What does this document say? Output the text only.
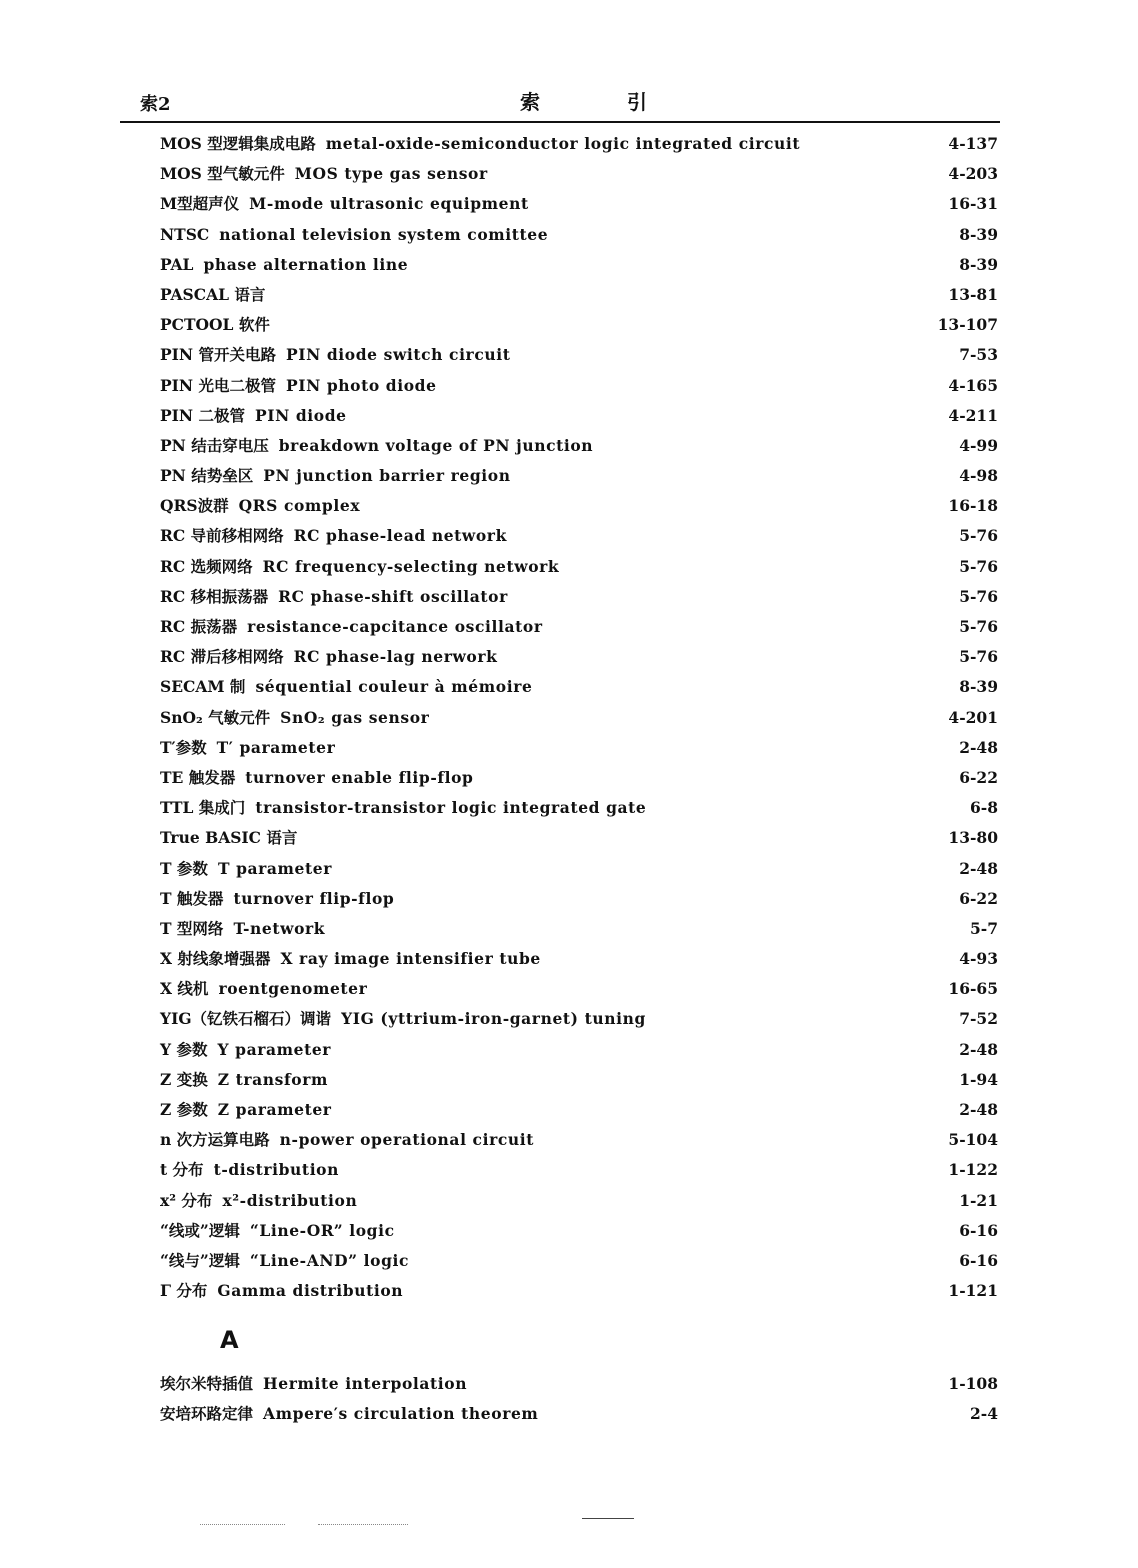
索2	索 引
MOS 型逻辑集成电路 metal-oxide-semiconductor logic integrated circuit	4-137
MOS 型气敏元件 MOS type gas sensor	4-203
M型超声仪 M-mode ultrasonic equipment	16-31
NTSC national television system comittee	8-39
PAL phase alternation line	8-39
PASCAL 语言	13-81
PCTOOL 软件	13-107
PIN 管开关电路 PIN diode switch circuit	7-53
PIN 光电二极管 PIN photo diode	4-165
PIN 二极管 PIN diode	4-211
PN 结击穿电压 breakdown voltage of PN junction	4-99
PN 结势垒区 PN junction barrier region	4-98
QRS波群 QRS complex	16-18
RC 导前移相网络 RC phase-lead network	5-76
RC 选频网络 RC frequency-selecting network	5-76
RC 移相振荡器 RC phase-shift oscillator	5-76
RC 振荡器 resistance-capcitance oscillator	5-76
RC 滞后移相网络 RC phase-lag nerwork	5-76
SECAM 制 séquential couleur à mémoire	8-39
SnO₂ 气敏元件 SnO₂ gas sensor	4-201
T′参数 T′ parameter	2-48
TE 触发器 turnover enable flip-flop	6-22
TTL 集成门 transistor-transistor logic integrated gate	6-8
True BASIC 语言	13-80
T 参数 T parameter	2-48
T 触发器 turnover flip-flop	6-22
T 型网络 T-network	5-7
X 射线象增强器 X ray image intensifier tube	4-93
X 线机 roentgenometer	16-65
YIG（钇铁石榴石）调谐 YIG (yttrium-iron-garnet) tuning	7-52
Y 参数 Y parameter	2-48
Z 变换 Z transform	1-94
Z 参数 Z parameter	2-48
n 次方运算电路 n-power operational circuit	5-104
t 分布 t-distribution	1-122
x² 分布 x²-distribution	1-21
“线或”逻辑 “Line-OR” logic	6-16
“线与”逻辑 “Line-AND” logic	6-16
Γ 分布 Gamma distribution	1-121
A
埃尔米特插值 Hermite interpolation	1-108
安培环路定律 Ampere′s circulation theorem	2-4
